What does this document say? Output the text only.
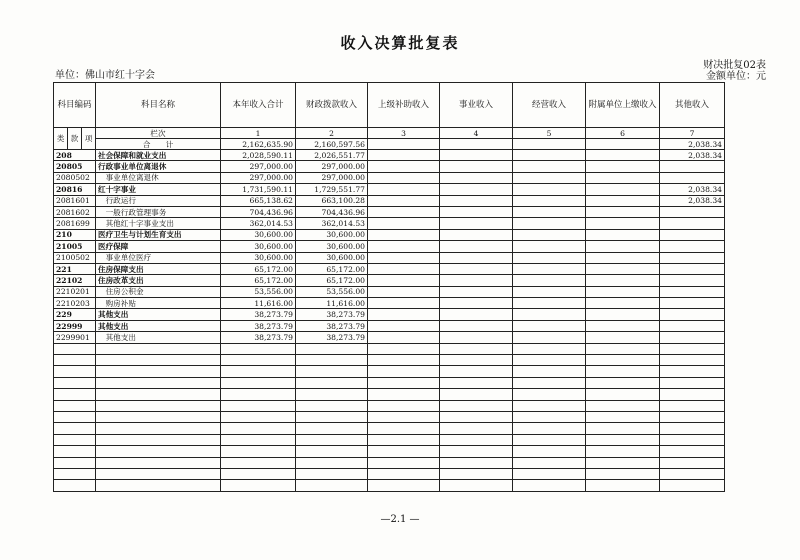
收入决算批复表
单位：佛山市红十字会
财决批复02表
金额单位：元
科目编码			科目名称	本年收入合计	财政拨款收入	上级补助收入	事业收入	经营收入	附属单位上缴收入	其他收入
类	款	项	栏次	1	2	3	4	5	6	7
			合　　计	2,162,635.90	2,160,597.56					2,038.34
208			社会保障和就业支出	2,028,590.11	2,026,551.77					2,038.34
20805			行政事业单位离退休	297,000.00	297,000.00					
2080502			　事业单位离退休	297,000.00	297,000.00					
20816			红十字事业	1,731,590.11	1,729,551.77					2,038.34
2081601			　行政运行	665,138.62	663,100.28					2,038.34
2081602			　一般行政管理事务	704,436.96	704,436.96					
2081699			　其他红十字事业支出	362,014.53	362,014.53					
210			医疗卫生与计划生育支出	30,600.00	30,600.00					
21005			医疗保障	30,600.00	30,600.00					
2100502			　事业单位医疗	30,600.00	30,600.00					
221			住房保障支出	65,172.00	65,172.00					
22102			住房改革支出	65,172.00	65,172.00					
2210201			　住房公积金	53,556.00	53,556.00					
2210203			　购房补贴	11,616.00	11,616.00					
229			其他支出	38,273.79	38,273.79					
22999			其他支出	38,273.79	38,273.79					
2299901			　其他支出	38,273.79	38,273.79					

—2.1 —
